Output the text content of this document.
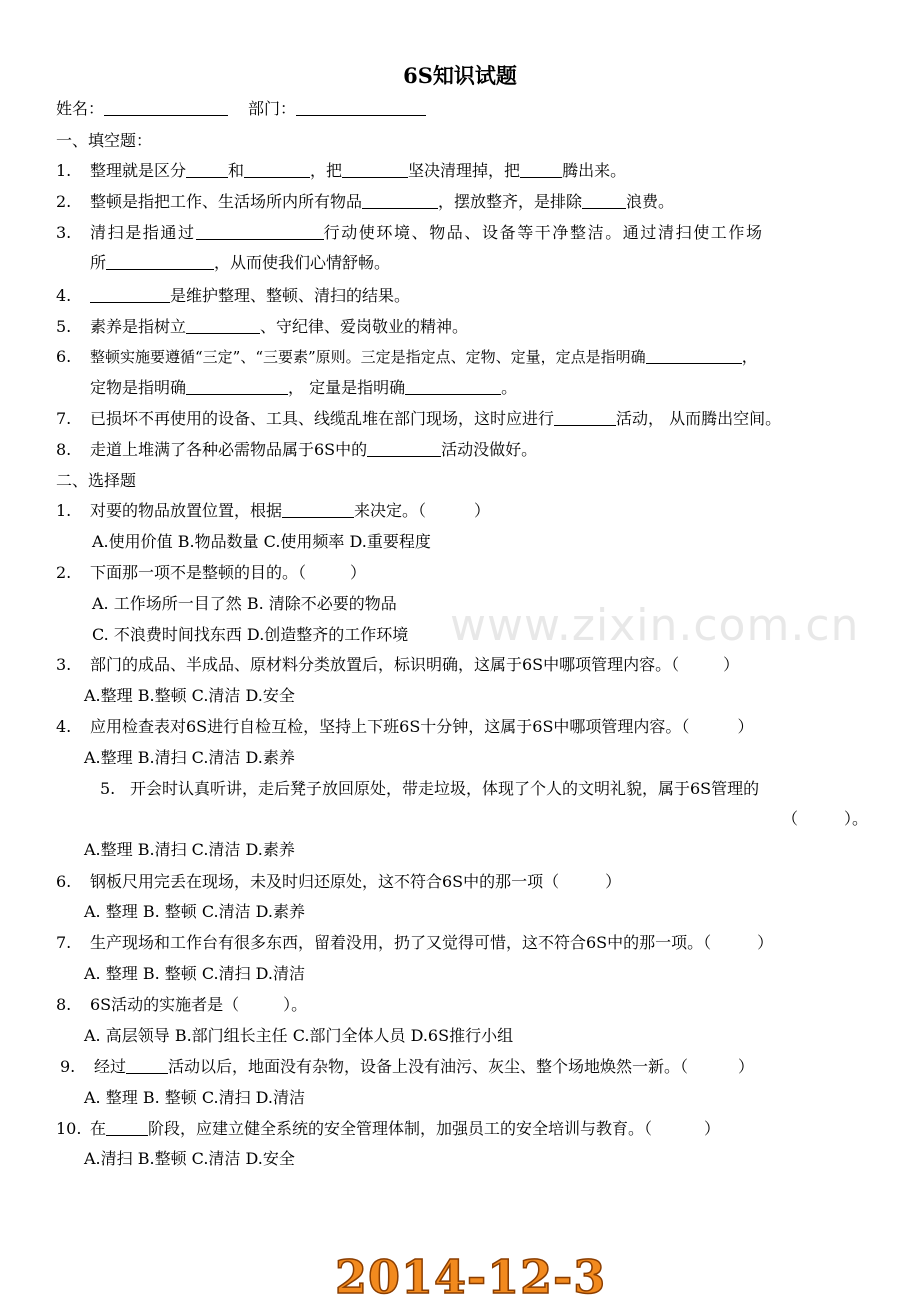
www.zixin.com.cn
6S知识试题
姓名：	部门：
一、填空题：
1. 整理就是区分	和	，把	坚决清理掉，把	腾出来。
2. 整顿是指把工作、生活场所内所有物品	，摆放整齐，是排除	浪费。
3. 清扫是指通过	行动使环境、物品、设备等干净整洁。通过清扫使工作场
所	，从而使我们心情舒畅。
4.	是维护整理、整顿、清扫的结果。
5. 素养是指树立	、守纪律、爱岗敬业的精神。
6. 整顿实施要遵循“三定”、“三要素”原则。三定是指定点、定物、定量，定点是指明确	，
定物是指明确	， 定量是指明确	。
7. 已损坏不再使用的设备、工具、线缆乱堆在部门现场，这时应进行	活动， 从而腾出空间。
8. 走道上堆满了各种必需物品属于6S中的	活动没做好。
二、选择题
1. 对要的物品放置位置，根据	来决定。（	）
A.使用价值 B.物品数量 C.使用频率 D.重要程度
2. 下面那一项不是整顿的目的。（	）
A. 工作场所一目了然 B. 清除不必要的物品
C. 不浪费时间找东西 D.创造整齐的工作环境
3. 部门的成品、半成品、原材料分类放置后，标识明确，这属于6S中哪项管理内容。（	）
A.整理 B.整顿 C.清洁 D.安全
4. 应用检查表对6S进行自检互检，坚持上下班6S十分钟，这属于6S中哪项管理内容。（	）
A.整理 B.清扫 C.清洁 D.素养
5. 开会时认真听讲，走后凳子放回原处，带走垃圾，体现了个人的文明礼貌，属于6S管理的
（	）。
A.整理 B.清扫 C.清洁 D.素养
6. 钢板尺用完丢在现场，未及时归还原处，这不符合6S中的那一项（	）
A. 整理 B. 整顿 C.清洁 D.素养
7. 生产现场和工作台有很多东西，留着没用，扔了又觉得可惜，这不符合6S中的那一项。（	）
A. 整理 B. 整顿 C.清扫 D.清洁
8. 6S活动的实施者是（	）。
A. 高层领导 B.部门组长主任 C.部门全体人员 D.6S推行小组
9. 经过	活动以后，地面没有杂物，设备上没有油污、灰尘、整个场地焕然一新。（	）
A. 整理 B. 整顿 C.清扫 D.清洁
10. 在	阶段，应建立健全系统的安全管理体制，加强员工的安全培训与教育。（	）
A.清扫 B.整顿 C.清洁 D.安全
2014-12-3
